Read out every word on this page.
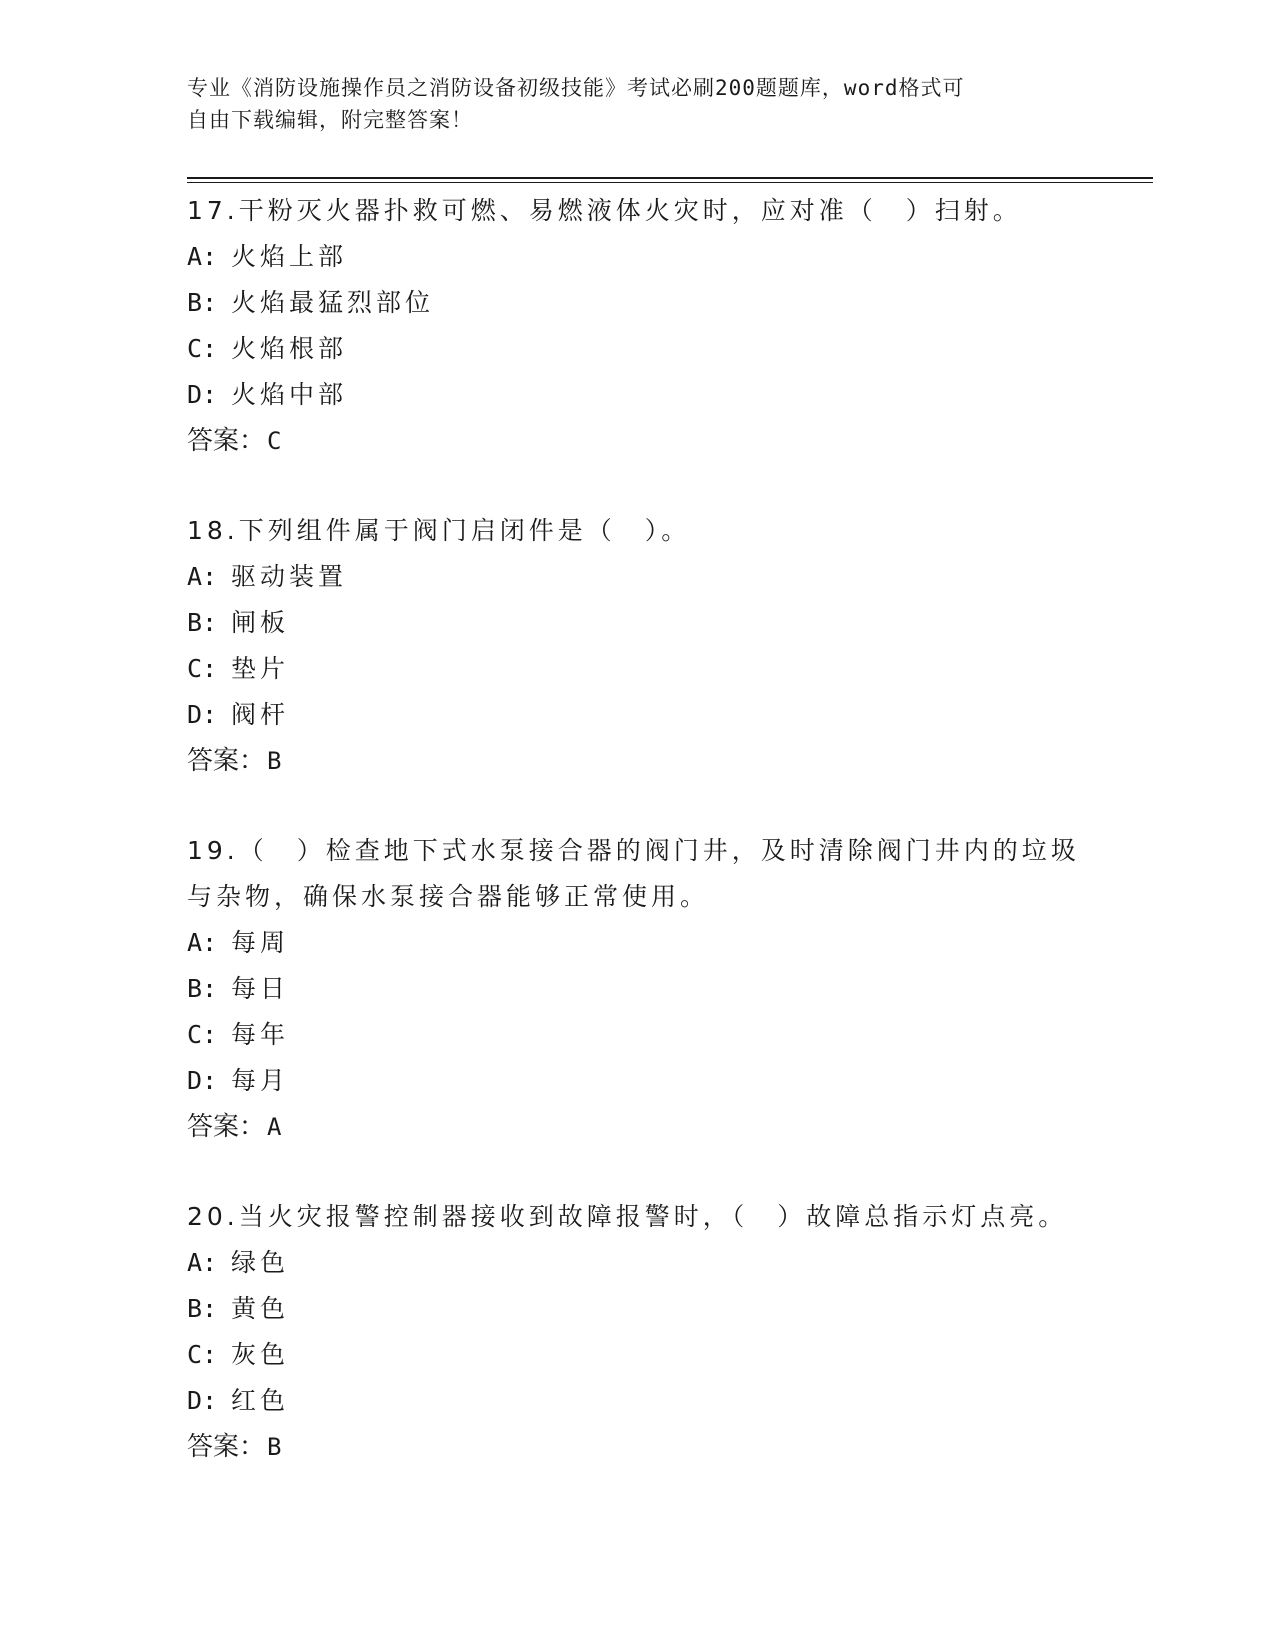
专业《消防设施操作员之消防设备初级技能》考试必刷200题题库，word格式可
自由下载编辑，附完整答案！
17.干粉灭火器扑救可燃、易燃液体火灾时，应对准（　）扫射。
A: 火焰上部
B: 火焰最猛烈部位
C: 火焰根部
D: 火焰中部
答案：C
18.下列组件属于阀门启闭件是（　）。
A: 驱动装置
B: 闸板
C: 垫片
D: 阀杆
答案：B
19.（　）检查地下式水泵接合器的阀门井，及时清除阀门井内的垃圾
与杂物，确保水泵接合器能够正常使用。
A: 每周
B: 每日
C: 每年
D: 每月
答案：A
20.当火灾报警控制器接收到故障报警时，（　）故障总指示灯点亮。
A: 绿色
B: 黄色
C: 灰色
D: 红色
答案：B
